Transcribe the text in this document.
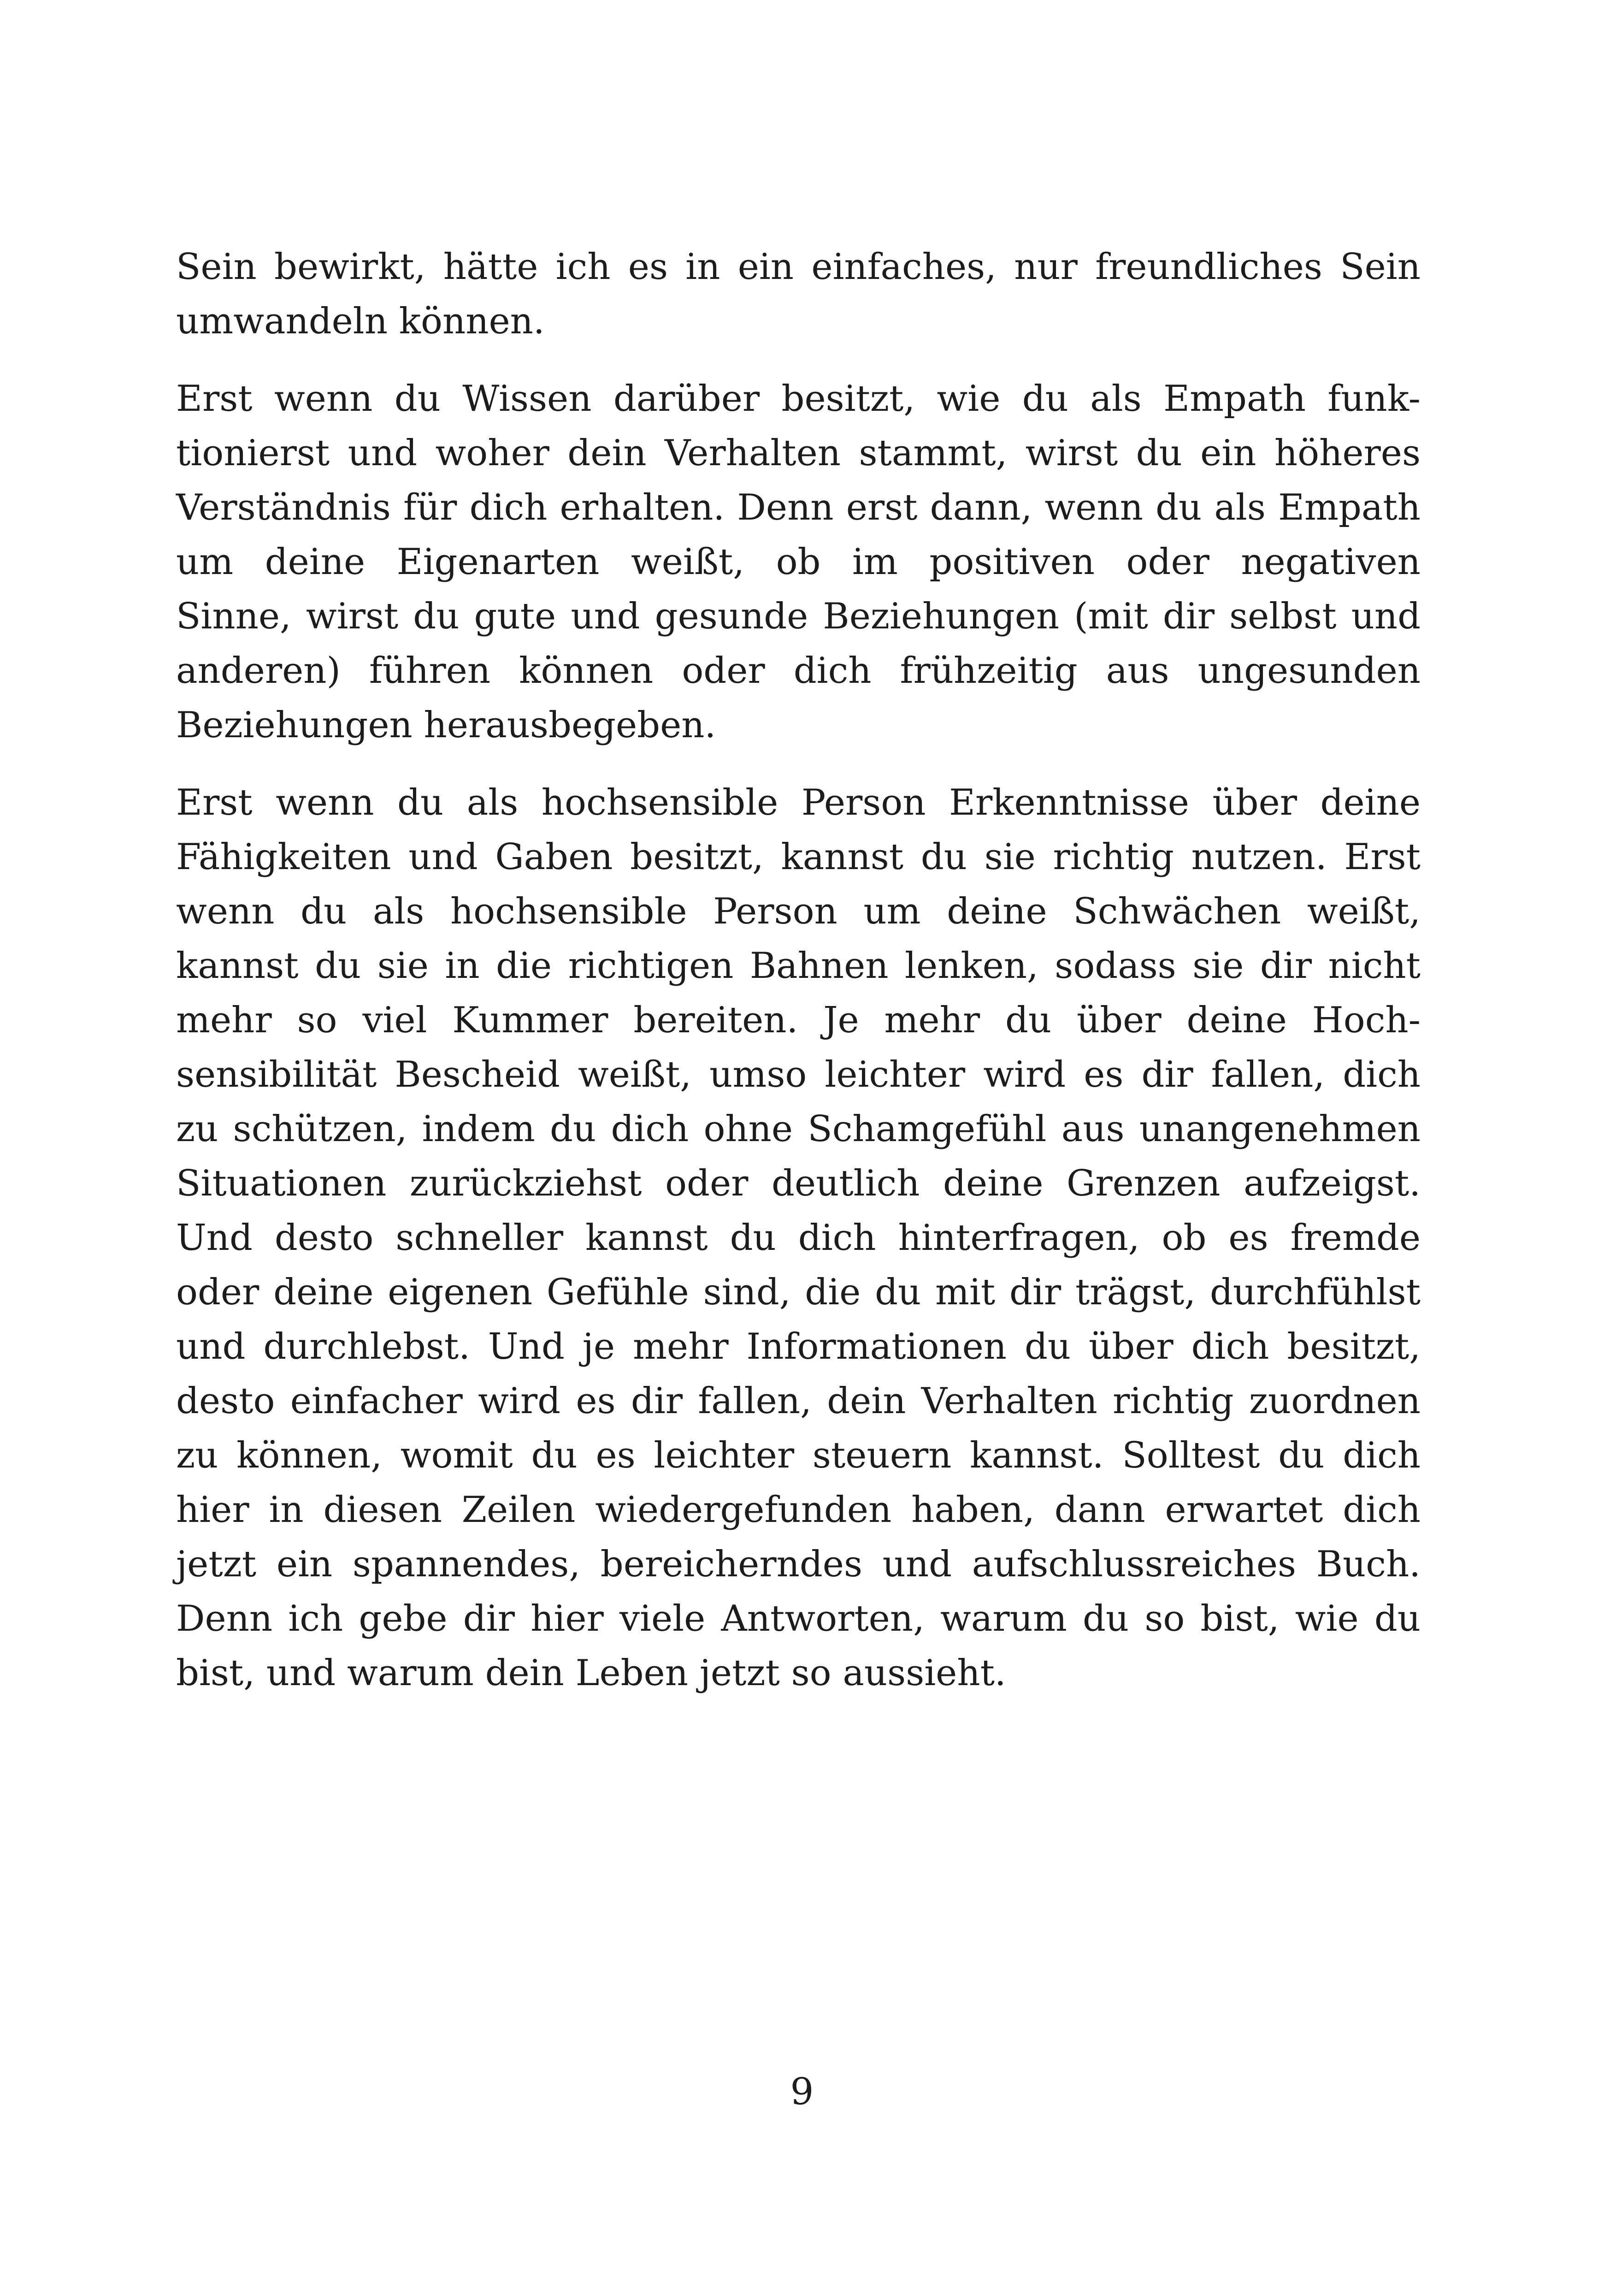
Sein bewirkt, hätte ich es in ein einfaches, nur freundliches Sein
umwandeln können.
Erst wenn du Wissen darüber besitzt, wie du als Empath funk-
tionierst und woher dein Verhalten stammt, wirst du ein höheres
Verständnis für dich erhalten. Denn erst dann, wenn du als Empath
um deine Eigenarten weißt, ob im positiven oder negativen
Sinne, wirst du gute und gesunde Beziehungen (mit dir selbst und
anderen) führen können oder dich frühzeitig aus ungesunden
Beziehungen herausbegeben.
Erst wenn du als hochsensible Person Erkenntnisse über deine
Fähigkeiten und Gaben besitzt, kannst du sie richtig nutzen. Erst
wenn du als hochsensible Person um deine Schwächen weißt,
kannst du sie in die richtigen Bahnen lenken, sodass sie dir nicht
mehr so viel Kummer bereiten. Je mehr du über deine Hoch-
sensibilität Bescheid weißt, umso leichter wird es dir fallen, dich
zu schützen, indem du dich ohne Schamgefühl aus unangenehmen
Situationen zurückziehst oder deutlich deine Grenzen aufzeigst.
Und desto schneller kannst du dich hinterfragen, ob es fremde
oder deine eigenen Gefühle sind, die du mit dir trägst, durchfühlst
und durchlebst. Und je mehr Informationen du über dich besitzt,
desto einfacher wird es dir fallen, dein Verhalten richtig zuordnen
zu können, womit du es leichter steuern kannst. Solltest du dich
hier in diesen Zeilen wiedergefunden haben, dann erwartet dich
jetzt ein spannendes, bereicherndes und aufschlussreiches Buch.
Denn ich gebe dir hier viele Antworten, warum du so bist, wie du
bist, und warum dein Leben jetzt so aussieht.
9
